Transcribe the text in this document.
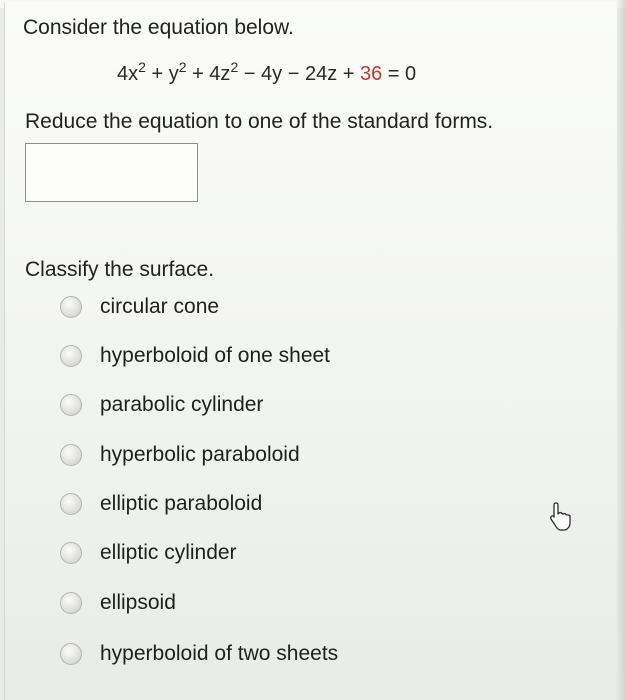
Consider the equation below.
$4x^2 + y^2 + 4z^2 - 4y - 24z + 36 = 0$
Reduce the equation to one of the standard forms.
Classify the surface.
circular cone
hyperboloid of one sheet
parabolic cylinder
hyperbolic paraboloid
elliptic paraboloid
elliptic cylinder
ellipsoid
hyperboloid of two sheets
